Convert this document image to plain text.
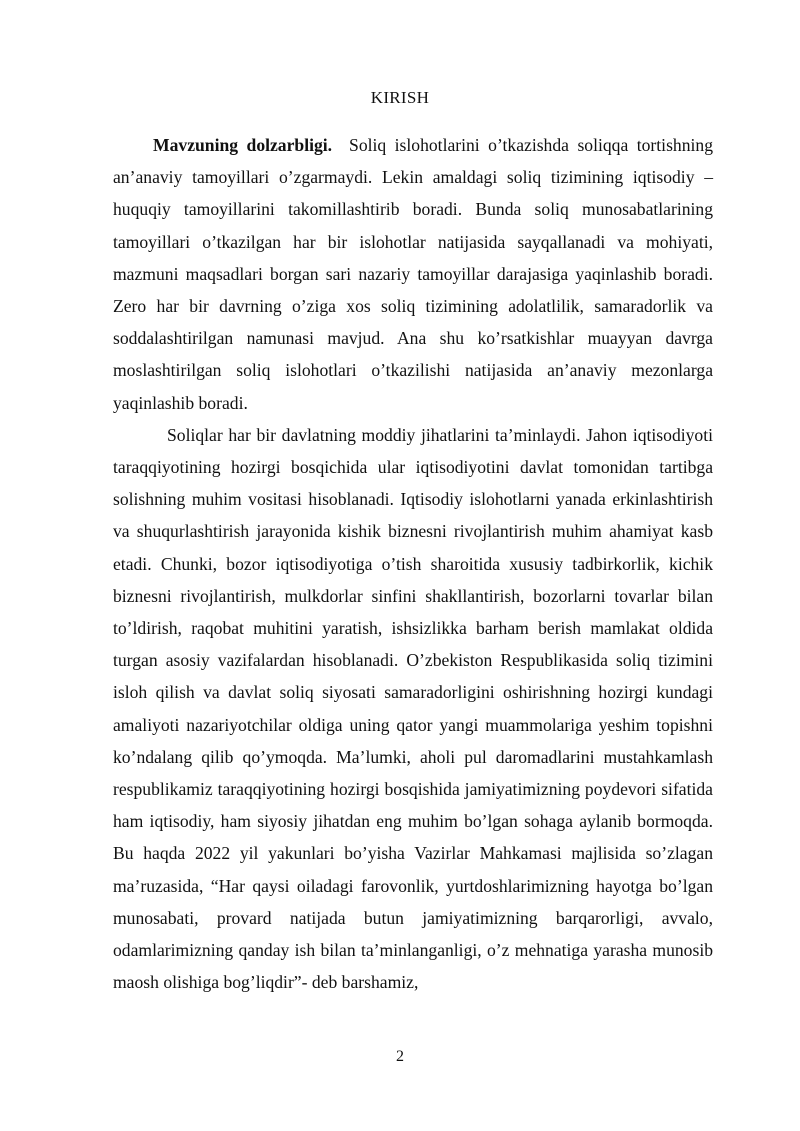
KIRISH

Mavzuning dolzarbligi. Soliq islohotlarini o’tkazishda soliqqa tortishning an’anaviy tamoyillari o’zgarmaydi. Lekin amaldagi soliq tizimining iqtisodiy – huquqiy tamoyillarini takomillashtirib boradi. Bunda soliq munosabatlarining tamoyillari o’tkazilgan har bir islohotlar natijasida sayqallanadi va mohiyati, mazmuni maqsadlari borgan sari nazariy tamoyillar darajasiga yaqinlashib boradi. Zero har bir davrning o’ziga xos soliq tizimining adolatlilik, samaradorlik va soddalashtirilgan namunasi mavjud. Ana shu ko’rsatkishlar muayyan davrga moslashtirilgan soliq islohotlari o’tkazilishi natijasida an’anaviy mezonlarga yaqinlashib boradi.

Soliqlar har bir davlatning moddiy jihatlarini ta’minlaydi. Jahon iqtisodiyoti taraqqiyotining hozirgi bosqichida ular iqtisodiyotini davlat tomonidan tartibga solishning muhim vositasi hisoblanadi. Iqtisodiy islohotlarni yanada erkinlashtirish va shuqurlashtirish jarayonida kishik biznesni rivojlantirish muhim ahamiyat kasb etadi. Chunki, bozor iqtisodiyotiga o’tish sharoitida xususiy tadbirkorlik, kichik biznesni rivojlantirish, mulkdorlar sinfini shakllantirish, bozorlarni tovarlar bilan to’ldirish, raqobat muhitini yaratish, ishsizlikka barham berish mamlakat oldida turgan asosiy vazifalardan hisoblanadi. O’zbekiston Respublikasida soliq tizimini isloh qilish va davlat soliq siyosati samaradorligini oshirishning hozirgi kundagi amaliyoti nazariyotchilar oldiga uning qator yangi muammolariga yeshim topishni ko’ndalang qilib qo’ymoqda. Ma’lumki, aholi pul daromadlarini mustahkamlash respublikamiz taraqqiyotining hozirgi bosqishida jamiyatimizning poydevori sifatida ham iqtisodiy, ham siyosiy jihatdan eng muhim bo’lgan sohaga aylanib bormoqda. Bu haqda 2022 yil yakunlari bo’yisha Vazirlar Mahkamasi majlisida so’zlagan ma’ruzasida, “Har qaysi oiladagi farovonlik, yurtdoshlarimizning hayotga bo’lgan munosabati, provard natijada butun jamiyatimizning barqarorligi, avvalo, odamlarimizning qanday ish bilan ta’minlanganligi, o’z mehnatiga yarasha munosib maosh olishiga bog’liqdir”- deb barshamiz,

2
